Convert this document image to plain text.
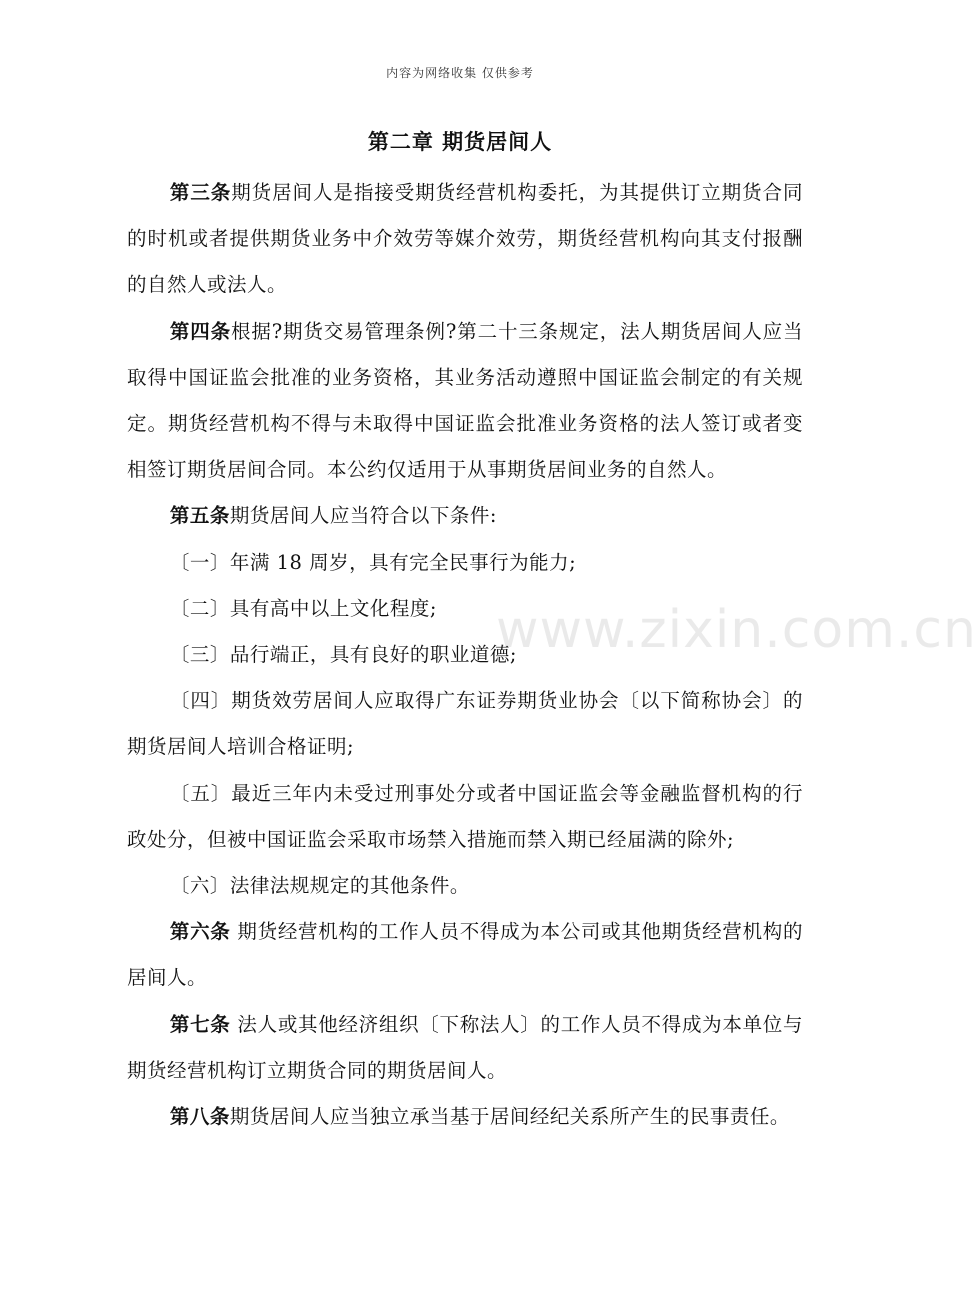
内容为网络收集 仅供参考
第二章 期货居间人
www.zixin.com.cn

第三条期货居间人是指接受期货经营机构委托，为其提供订立期货合同的时机或者提供期货业务中介效劳等媒介效劳，期货经营机构向其支付报酬的自然人或法人。

第四条根据?期货交易管理条例?第二十三条规定，法人期货居间人应当取得中国证监会批准的业务资格，其业务活动遵照中国证监会制定的有关规定。期货经营机构不得与未取得中国证监会批准业务资格的法人签订或者变相签订期货居间合同。本公约仅适用于从事期货居间业务的自然人。

第五条期货居间人应当符合以下条件:

〔一〕年满 18 周岁，具有完全民事行为能力;

〔二〕具有高中以上文化程度;

〔三〕品行端正，具有良好的职业道德;

〔四〕期货效劳居间人应取得广东证券期货业协会〔以下简称协会〕的期货居间人培训合格证明;

〔五〕最近三年内未受过刑事处分或者中国证监会等金融监督机构的行政处分，但被中国证监会采取市场禁入措施而禁入期已经届满的除外;

〔六〕法律法规规定的其他条件。

第六条 期货经营机构的工作人员不得成为本公司或其他期货经营机构的居间人。

第七条 法人或其他经济组织〔下称法人〕的工作人员不得成为本单位与期货经营机构订立期货合同的期货居间人。

第八条期货居间人应当独立承当基于居间经纪关系所产生的民事责任。
